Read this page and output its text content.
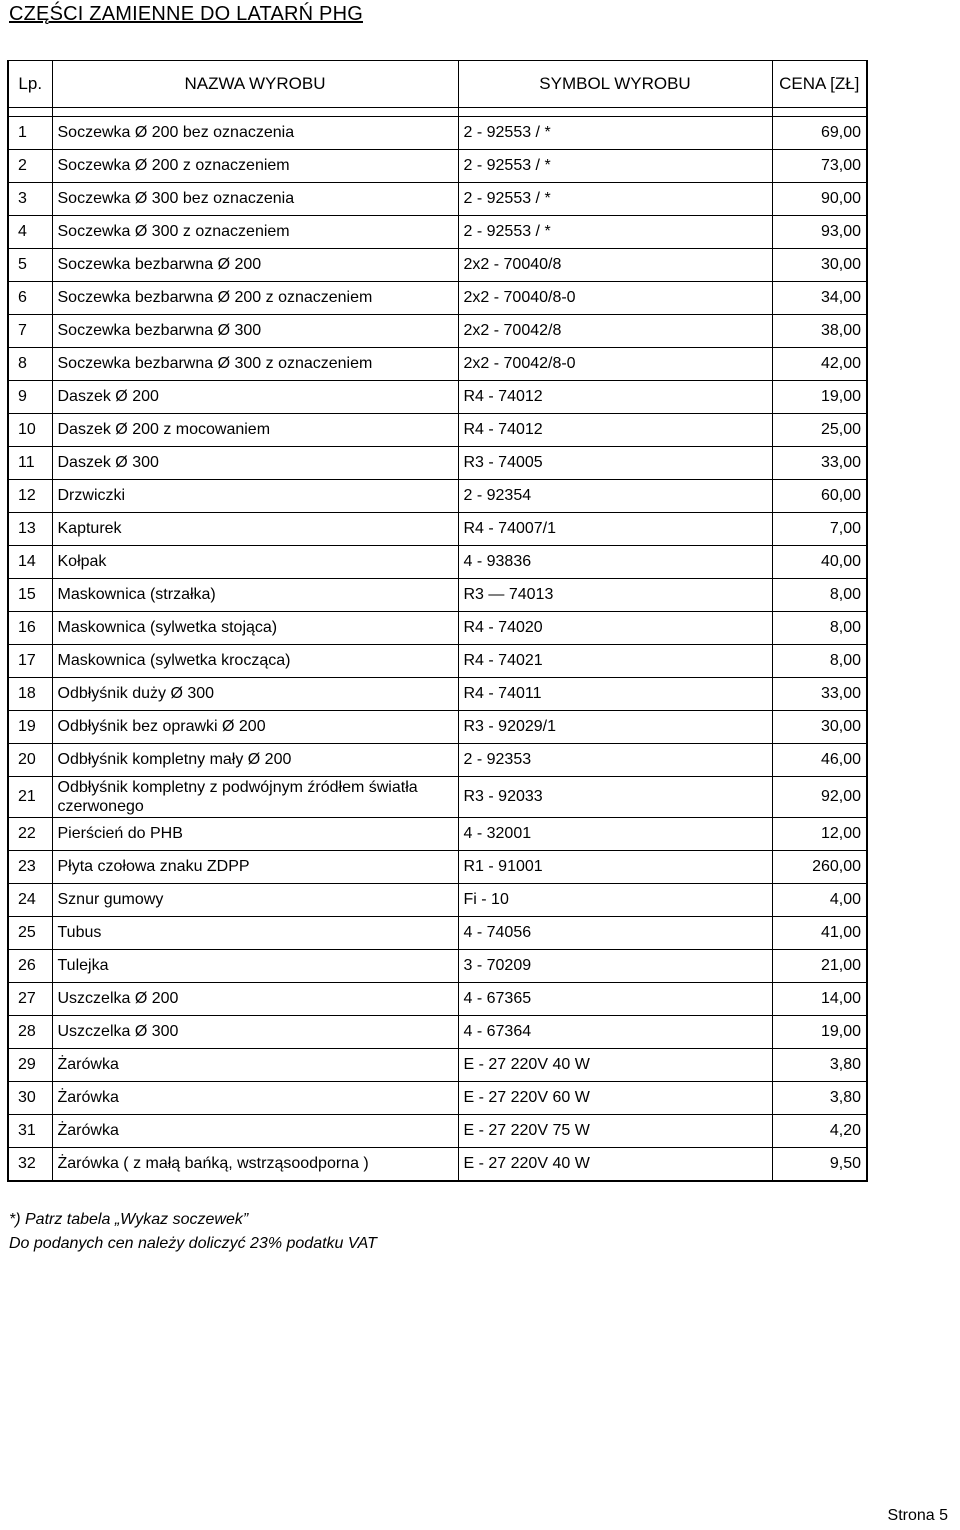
CZĘŚCI ZAMIENNE DO LATARŃ PHG
Lp.	NAZWA WYROBU	SYMBOL WYROBU	CENA [ZŁ]

1	Soczewka Ø 200 bez oznaczenia	2 - 92553 / *	69,00
2	Soczewka Ø 200 z oznaczeniem	2 - 92553 / *	73,00
3	Soczewka Ø 300 bez oznaczenia	2 - 92553 / *	90,00
4	Soczewka Ø 300 z oznaczeniem	2 - 92553 / *	93,00
5	Soczewka bezbarwna Ø 200	2x2 - 70040/8	30,00
6	Soczewka bezbarwna Ø 200 z oznaczeniem	2x2 - 70040/8-0	34,00
7	Soczewka bezbarwna Ø 300	2x2 - 70042/8	38,00
8	Soczewka bezbarwna Ø 300 z oznaczeniem	2x2 - 70042/8-0	42,00
9	Daszek Ø 200	R4 - 74012	19,00
10	Daszek Ø 200 z mocowaniem	R4 - 74012	25,00
11	Daszek Ø 300	R3 - 74005	33,00
12	Drzwiczki	2 - 92354	60,00
13	Kapturek	R4 - 74007/1	7,00
14	Kołpak	4 - 93836	40,00
15	Maskownica (strzałka)	R3 — 74013	8,00
16	Maskownica (sylwetka stojąca)	R4 - 74020	8,00
17	Maskownica (sylwetka krocząca)	R4 - 74021	8,00
18	Odbłyśnik duży Ø 300	R4 - 74011	33,00
19	Odbłyśnik bez oprawki Ø 200	R3 - 92029/1	30,00
20	Odbłyśnik kompletny mały Ø 200	2 - 92353	46,00
21	Odbłyśnik kompletny z podwójnym źródłem światła czerwonego	R3 - 92033	92,00
22	Pierścień do PHB	4 - 32001	12,00
23	Płyta czołowa znaku ZDPP	R1 - 91001	260,00
24	Sznur gumowy	Fi - 10	4,00
25	Tubus	4 - 74056	41,00
26	Tulejka	3 - 70209	21,00
27	Uszczelka Ø 200	4 - 67365	14,00
28	Uszczelka Ø 300	4 - 67364	19,00
29	Żarówka	E - 27 220V 40 W	3,80
30	Żarówka	E - 27 220V 60 W	3,80
31	Żarówka	E - 27 220V 75 W	4,20
32	Żarówka ( z małą bańką, wstrząsoodporna )	E - 27 220V 40 W	9,50
*) Patrz tabela „Wykaz soczewek”
Do podanych cen należy doliczyć 23% podatku VAT
Strona 5
